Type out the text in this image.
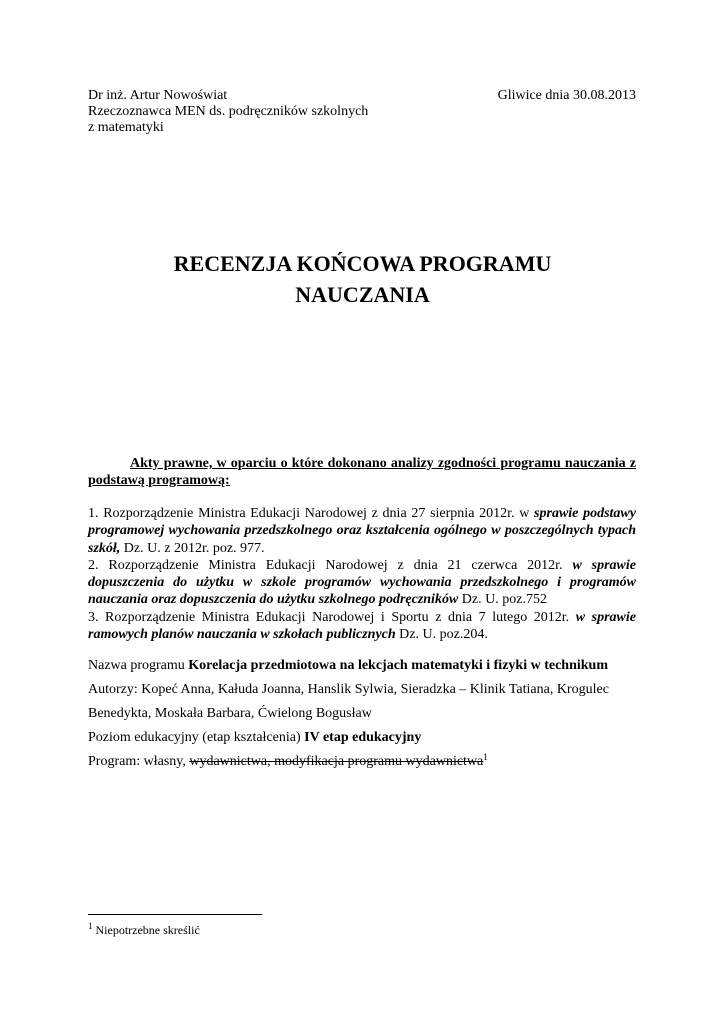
Dr inż. Artur Nowoświat
Rzeczoznawca MEN ds. podręczników szkolnych
z matematyki
Gliwice dnia 30.08.2013
RECENZJA KOŃCOWA PROGRAMU
NAUCZANIA
Akty prawne, w oparciu o które dokonano analizy zgodności programu nauczania z podstawą programową:
1. Rozporządzenie Ministra Edukacji Narodowej z dnia 27 sierpnia 2012r. w sprawie podstawy programowej wychowania przedszkolnego oraz kształcenia ogólnego w poszczególnych typach szkół, Dz. U. z 2012r. poz. 977.
2. Rozporządzenie Ministra Edukacji Narodowej z dnia 21 czerwca 2012r. w sprawie dopuszczenia do użytku w szkole programów wychowania przedszkolnego i programów nauczania oraz dopuszczenia do użytku szkolnego podręczników Dz. U. poz.752
3. Rozporządzenie Ministra Edukacji Narodowej i Sportu z dnia 7 lutego 2012r. w sprawie ramowych planów nauczania w szkołach publicznych Dz. U. poz.204.
Nazwa programu Korelacja przedmiotowa na lekcjach matematyki i fizyki w technikum
Autorzy: Kopeć Anna, Kałuda Joanna, Hanslik Sylwia, Sieradzka – Klinik Tatiana, Krogulec Benedykta, Moskała Barbara, Ćwielong Bogusław
Poziom edukacyjny (etap kształcenia) IV etap edukacyjny
Program: własny, wydawnictwa, modyfikacja programu wydawnictwa$^1$
$^1$ Niepotrzebne skreślić
